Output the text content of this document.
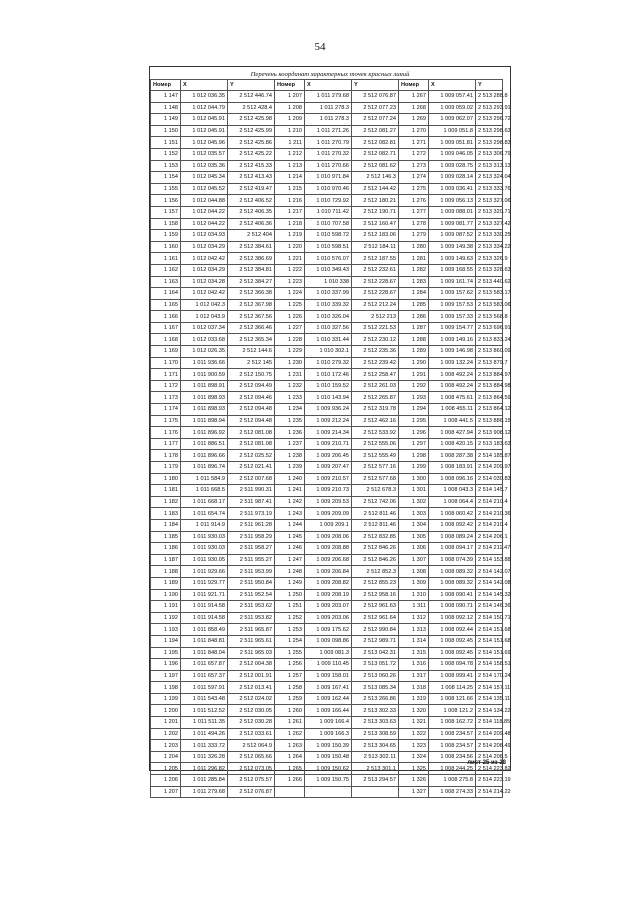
54
Перечень координат характерных точек красных линий
Номер	X	Y	Номер	X	Y	Номер	X	Y
1 147	1 012 036.35	2 512 446.74	1 207	1 011 279.68	2 512 076.87	1 267	1 009 057.41	2 513 288.8
1 148	1 012 044.79	2 512 428.4	1 208	1 011 278.3	2 512 077.23	1 268	1 009 059.02	2 513 293.91
1 149	1 012 045.91	2 512 425.98	1 209	1 011 278.3	2 512 077.24	1 269	1 009 062.07	2 513 296.72
1 150	1 012 045.91	2 512 425.99	1 210	1 011 271.26	2 512 081.27	1 270	1 009 051.8	2 513 298.63
1 151	1 012 045.96	2 512 425.86	1 211	1 011 270.79	2 512 082.81	1 271	1 009 051.81	2 513 298.83
1 152	1 012 035.57	2 512 425.22	1 212	1 011 270.32	2 512 082.71	1 272	1 009 046.05	2 513 306.79
1 153	1 012 035.36	2 512 415.33	1 213	1 011 270.66	2 512 081.62	1 273	1 009 028.75	2 513 313.13
1 154	1 012 045.34	2 512 413.43	1 214	1 010 971.84	2 512 146.3	1 274	1 009 028.14	2 513 324.04
1 155	1 012 045.52	2 512 419.47	1 215	1 010 970.46	2 512 144.42	1 275	1 009 036.41	2 513 333.76
1 156	1 012 044.88	2 512 406.52	1 216	1 010 729.92	2 512 180.21	1 276	1 009 056.13	2 513 327.06
1 157	1 012 044.22	2 512 406.35	1 217	1 010 711.42	2 512 190.71	1 277	1 009 088.01	2 513 320.71
1 158	1 012 044.22	2 512 406.36	1 218	1 010 707.58	2 512 160.47	1 278	1 009 081.77	2 513 327.42
1 159	1 012 034.93	2 512 404	1 219	1 010 598.72	2 512 183.06	1 279	1 009 087.52	2 513 330.25
1 160	1 012 034.29	2 512 384.61	1 220	1 010 598.51	2 512 184.11	1 280	1 009 149.38	2 513 334.22
1 161	1 012 042.42	2 512 386.69	1 221	1 010 576.07	2 512 187.55	1 281	1 009 149.63	2 513 326.9
1 162	1 012 034.29	2 512 384.81	1 222	1 010 349.43	2 512 232.61	1 282	1 009 168.55	2 513 328.63
1 163	1 012 034.28	2 512 384.27	1 223	1 010 338	2 512 228.67	1 283	1 009 161.74	2 513 440.62
1 164	1 012 042.42	2 512 366.38	1 224	1 010 337.99	2 512 228.67	1 284	1 009 157.62	2 513 583.17
1 165	1 012 042.3	2 512 367.98	1 225	1 010 339.32	2 512 212.24	1 285	1 009 157.53	2 513 583.06
1 166	1 012 043.9	2 512 367.56	1 226	1 010 326.04	2 512 213	1 286	1 009 157.33	2 513 568.8
1 167	1 012 037.34	2 512 366.46	1 227	1 010 327.56	2 512 221.53	1 287	1 009 154.77	2 513 696.91
1 168	1 012 033.68	2 512 365.34	1 228	1 010 331.44	2 512 230.12	1 288	1 009 149.16	2 513 833.24
1 169	1 012 026.35	2 512 144.6	1 229	1 010 302.1	2 512 235.36	1 289	1 009 146.98	2 513 860.09
1 170	1 011 936.66	2 512 145	1 230	1 010 279.32	2 512 239.42	1 290	1 009 132.24	2 513 879.7
1 171	1 011 900.59	2 512 150.75	1 231	1 010 172.46	2 512 258.47	1 291	1 008 492.24	2 513 884.97
1 172	1 011 898.91	2 512 094.49	1 232	1 010 159.52	2 512 261.03	1 292	1 008 492.24	2 513 884.98
1 173	1 011 898.93	2 512 094.46	1 233	1 010 143.94	2 512 265.87	1 293	1 008 475.61	2 513 864.59
1 174	1 011 898.93	2 512 094.48	1 234	1 009 936.24	2 512 319.78	1 294	1 008 455.11	2 513 864.12
1 175	1 011 898.94	2 512 094.48	1 235	1 009 212.24	2 512 462.16	1 295	1 008 441.5	2 513 886.15
1 176	1 011 896.92	2 512 081.08	1 236	1 009 214.34	2 512 533.92	1 296	1 008 427.94	2 513 908.12
1 177	1 011 886.51	2 512 081.08	1 237	1 009 210.71	2 512 555.06	1 297	1 008 420.15	2 513 183.63
1 178	1 011 896.66	2 512 025.52	1 238	1 009 206.45	2 512 555.49	1 298	1 008 287.38	2 514 185.87
1 179	1 011 896.74	2 512 021.41	1 239	1 009 207.47	2 512 577.16	1 299	1 008 183.91	2 514 209.97
1 180	1 011 584.9	2 512 007.68	1 240	1 009 210.57	2 512 577.68	1 300	1 008 096.16	2 514 030.83
1 181	1 011 668.5	2 511 990.31	1 241	1 009 210.73	2 512 678.3	1 301	1 008 043.3	2 514 145.7
1 182	1 011 668.17	2 511 987.41	1 242	1 009 209.53	2 512 742.06	1 302	1 008 064.4	2 514 210.4
1 183	1 011 654.74	2 511 973.19	1 243	1 009 209.09	2 512 811.46	1 303	1 008 060.42	2 514 210.36
1 184	1 011 914.9	2 511 961.28	1 244	1 009 209.1	2 512 811.46	1 304	1 008 092.42	2 514 210.4
1 185	1 011 930.03	2 511 958.29	1 245	1 009 208.06	2 512 832.85	1 305	1 008 089.24	2 514 206.1
1 186	1 011 930.03	2 511 958.27	1 246	1 009 208.88	2 512 846.26	1 306	1 008 094.17	2 514 211.47
1 187	1 011 930.05	2 511 955.27	1 247	1 009 206.68	2 512 846.26	1 307	1 008 074.39	2 514 153.88
1 188	1 011 929.66	2 511 953.99	1 248	1 009 206.84	2 512 852.3	1 308	1 008 089.32	2 514 142.07
1 189	1 011 929.77	2 511 950.84	1 249	1 009 208.82	2 512 855.23	1 309	1 008 089.32	2 514 142.08
1 190	1 011 921.71	2 511 952.54	1 250	1 009 208.19	2 512 958.16	1 310	1 008 090.41	2 514 145.32
1 191	1 011 914.58	2 511 953.62	1 251	1 009 203.07	2 512 961.63	1 311	1 008 090.71	2 514 146.36
1 192	1 011 914.58	2 511 953.82	1 252	1 009 203.06	2 512 961.64	1 312	1 008 092.12	2 514 150.71
1 193	1 011 858.49	2 511 965.87	1 253	1 009 175.62	2 512 990.84	1 313	1 008 092.44	2 514 151.68
1 194	1 011 848.81	2 511 965.61	1 254	1 009 098.86	2 512 989.71	1 314	1 008 092.45	2 514 151.68
1 195	1 011 848.04	2 511 965.03	1 255	1 009 081.3	2 513 042.31	1 315	1 008 092.45	2 514 151.69
1 196	1 011 657.87	2 512 004.38	1 256	1 009 110.45	2 513 051.72	1 316	1 008 094.78	2 514 158.51
1 197	1 011 657.37	2 512 001.91	1 257	1 009 158.01	2 513 060.26	1 317	1 008 099.41	2 514 170.24
1 198	1 011 597.91	2 512 013.41	1 258	1 009 167.41	2 513 085.34	1 318	1 008 114.25	2 514 157.11
1 199	1 011 543.48	2 512 024.02	1 259	1 009 162.44	2 513 266.86	1 319	1 008 121.66	2 514 135.11
1 200	1 011 512.52	2 512 030.05	1 260	1 009 166.44	2 513 302.33	1 320	1 008 121.2	2 514 134.22
1 201	1 011 511.35	2 512 030.28	1 261	1 009 166.4	2 513 303.63	1 321	1 008 162.72	2 514 118.85
1 202	1 011 494.26	2 512 033.61	1 262	1 009 166.3	2 513 308.59	1 322	1 008 234.57	2 514 209.48
1 203	1 011 333.72	2 512 064.9	1 263	1 009 150.39	2 513 304.65	1 323	1 008 234.57	2 514 208.49
1 204	1 011 326.28	2 512 065.66	1 264	1 009 150.48	2 513 302.11	1 324	1 008 234.56	2 514 208.5
1 205	1 011 296.82	2 512 073.05	1 265	1 009 150.62	2 513 301.1	1 325	1 008 244.25	2 514 223.82
1 206	1 011 285.84	2 512 075.57	1 266	1 009 150.75	2 513 294.57	1 326	1 008 275.8	2 514 223.19
1 207	1 011 279.68	2 512 076.87				1 327	1 008 274.33	2 514 214.22
лист 25 из 28
